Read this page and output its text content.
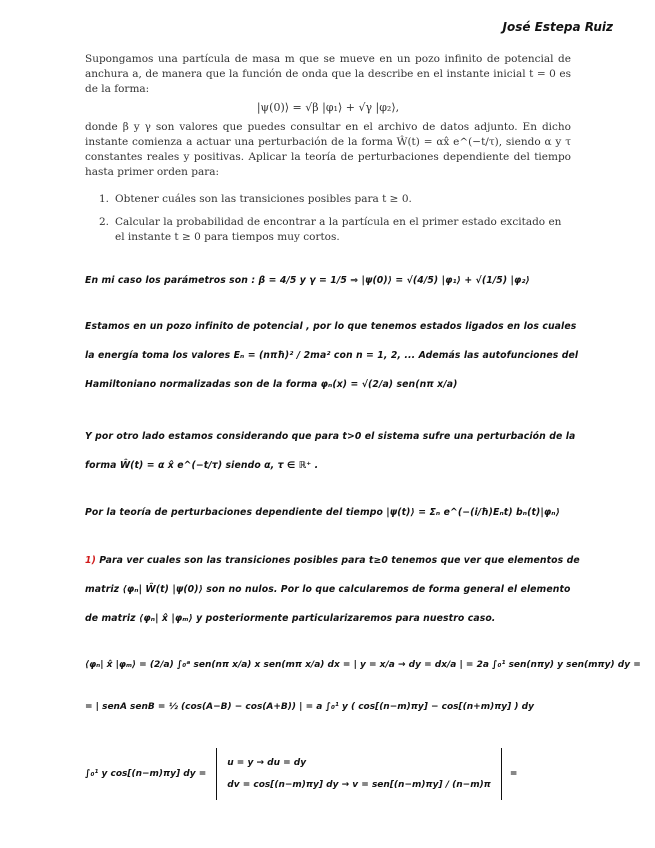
José Estepa Ruiz

Supongamos una partícula de masa m que se mueve en un pozo infinito de potencial de anchura a, de manera que la función de onda que la describe en el instante inicial t = 0 es de la forma:

|ψ(0)⟩ = √β |φ₁⟩ + √γ |φ₂⟩,

donde β y γ son valores que puedes consultar en el archivo de datos adjunto. En dicho instante comienza a actuar una perturbación de la forma Ŵ(t) = αx̂ e^(−t/τ), siendo α y τ constantes reales y positivas. Aplicar la teoría de perturbaciones dependiente del tiempo hasta primer orden para:

1. Obtener cuáles son las transiciones posibles para t ≥ 0.
2. Calcular la probabilidad de encontrar a la partícula en el primer estado excitado en el instante t ≥ 0 para tiempos muy cortos.

En mi caso los parámetros son : β = 4/5 y γ = 1/5 ⇒ |ψ(0)⟩ = √(4/5) |φ₁⟩ + √(1/5) |φ₂⟩

Estamos en un pozo infinito de potencial , por lo que tenemos estados ligados en los cuales la energía toma los valores Eₙ = (nπħ)² / 2ma² con n = 1, 2, ... Además las autofunciones del Hamiltoniano normalizadas son de la forma φₙ(x) = √(2/a) sen(nπ x/a)

Y por otro lado estamos considerando que para t>0 el sistema sufre una perturbación de la forma Ŵ(t) = α x̂ e^(−t/τ) siendo α, τ ∈ ℝ⁺ .

Por la teoría de perturbaciones dependiente del tiempo |ψ(t)⟩ = Σₙ e^(−(i/ħ)Eₙt) bₙ(t)|φₙ⟩

1) Para ver cuales son las transiciones posibles para t≥0 tenemos que ver que elementos de matriz ⟨φₙ| Ŵ(t) |ψ(0)⟩ son no nulos. Por lo que calcularemos de forma general el elemento de matriz ⟨φₙ| x̂ |φₘ⟩ y posteriormente particularizaremos para nuestro caso.

⟨φₙ| x̂ |φₘ⟩ = (2/a) ∫₀ᵃ sen(nπ x/a) x sen(mπ x/a) dx = | y = x/a → dy = dx/a | = 2a ∫₀¹ sen(nπy) y sen(mπy) dy =

= | senA senB = ½ (cos(A−B) − cos(A+B)) | = a ∫₀¹ y ( cos[(n−m)πy] − cos[(n+m)πy] ) dy

∫₀¹ y cos[(n−m)πy] dy =
u = y → du = dy
dv = cos[(n−m)πy] dy → v = sen[(n−m)πy] / (n−m)π
=
